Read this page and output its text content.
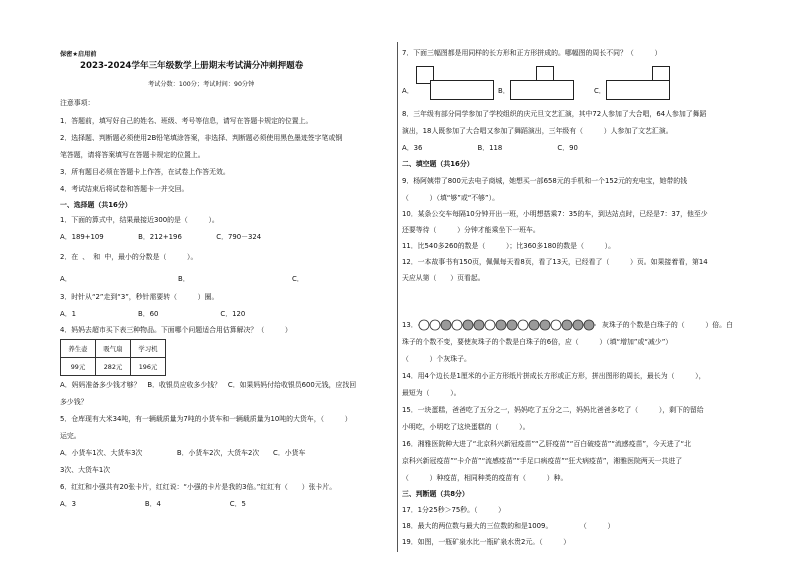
保密★启用前
2023-2024学年三年级数学上册期末考试满分冲刺押题卷
考试分数：100分；考试时间：90分钟
注意事项：
1．答题前，填写好自己的姓名、班级、考号等信息，请写在答题卡规定的位置上。
2．选择题、判断题必须使用2B铅笔填涂答案，非选择、判断题必须使用黑色墨迹签字笔或钢
笔答题，请将答案填写在答题卡规定的位置上。
3．所有题目必须在答题卡上作答，在试卷上作答无效。
4．考试结束后将试卷和答题卡一并交回。
一、选择题（共16分）
1．下面的算式中，结果最接近300的是（　　　）。
A．189+109　　　　　B．212+196　　　　　C．790－324
2．在   、   和   中，最小的分数是（　　　）。
A．	B．	C．
3．时针从“2”走到“3”，秒针需要转（　　　）圈。
A．1　　　　　　　　　B．60　　　　　　　　　C．120
4．妈妈去超市买下表三种物品。下面哪个问题适合用估算解决？（　　　）
养生壶	吸气扇	学习机
99元	282元	196元
A．妈妈准备多少钱才够？　B．收银员应收多少钱？　C．如果妈妈付给收银员600元钱，应找回
多少钱？
5．仓库现有大米34吨，有一辆载质量为7吨的小货车和一辆载质量为10吨的大货车，（　　　）
运完。
A．小货车1次、大货车3次　　　　　B．小货车2次，大货车2次　　C．小货车
3次、大货车1次
6．红红和小强共有20张卡片，红红说：“小强的卡片是我的3倍。”红红有（　　）张卡片。
A．3　　　　　　　　　　B．4　　　　　　　　　　C．5
7．下面三幅图都是用同样的长方形和正方形拼成的。哪幅图的周长不同？（　　　）
A．	B．	C．
8．三年级有部分同学参加了学校组织的庆元旦文艺汇演，其中72人参加了大合唱，64人参加了舞蹈
演出，18人既参加了大合唱又参加了舞蹈演出，三年级有（　　　）人参加了文艺汇演。
A．36　　　　　　　　B．118　　　　　　　　C．90
二、填空题（共16分）
9．杨阿姨带了800元去电子商城，她想买一部658元的手机和一个152元的充电宝，她带的钱
（　　　）（填“够”或“不够”）。
10．某条公交车每隔10分钟开出一班，小明想搭乘7：35的车，到达站点时，已经是7：37，他至少
还要等待（　　　）分钟才能乘坐下一班车。
11．比540多260的数是（　　　）；比360多180的数是（　　　）。
12．一本故事书有150页，佩佩每天看8页，看了13天，已经看了（　　　）页。如果接着看，第14
天应从第（　　）页看起。
13．	灰珠子的个数是白珠子的（　　　）倍。白
珠子的个数不变，要使灰珠子的个数是白珠子的6倍，应（　　　）（填“增加”或“减少”）
（　　　）个灰珠子。
14．用4个边长是1厘米的小正方形纸片拼成长方形或正方形，拼出图形的周长，最长为（　　　），
最短为（　　　）。
15．一块蛋糕，爸爸吃了五分之一，妈妈吃了五分之二，妈妈比爸爸多吃了（　　　），剩下的留给
小明吃，小明吃了这块蛋糕的（　　　）。
16．湘雅医院种大进了“北京科兴新冠疫苗”“乙肝疫苗”“百白破疫苗”“流感疫苗”，今天进了“北
京科兴新冠疫苗”“卡介苗”“流感疫苗”“手足口病疫苗”“狂犬病疫苗”，湘雅医院两天一共进了
（　　　）种疫苗，相同种类的疫苗有（　　　）种。
三、判断题（共8分）
17．1分25秒＞75秒。（　　　）
18．最大的两位数与最大的三位数的和是1009。　　　　　（　　　）
19．如图，一瓶矿泉水比一瓶矿泉水贵2元。（　　　）
